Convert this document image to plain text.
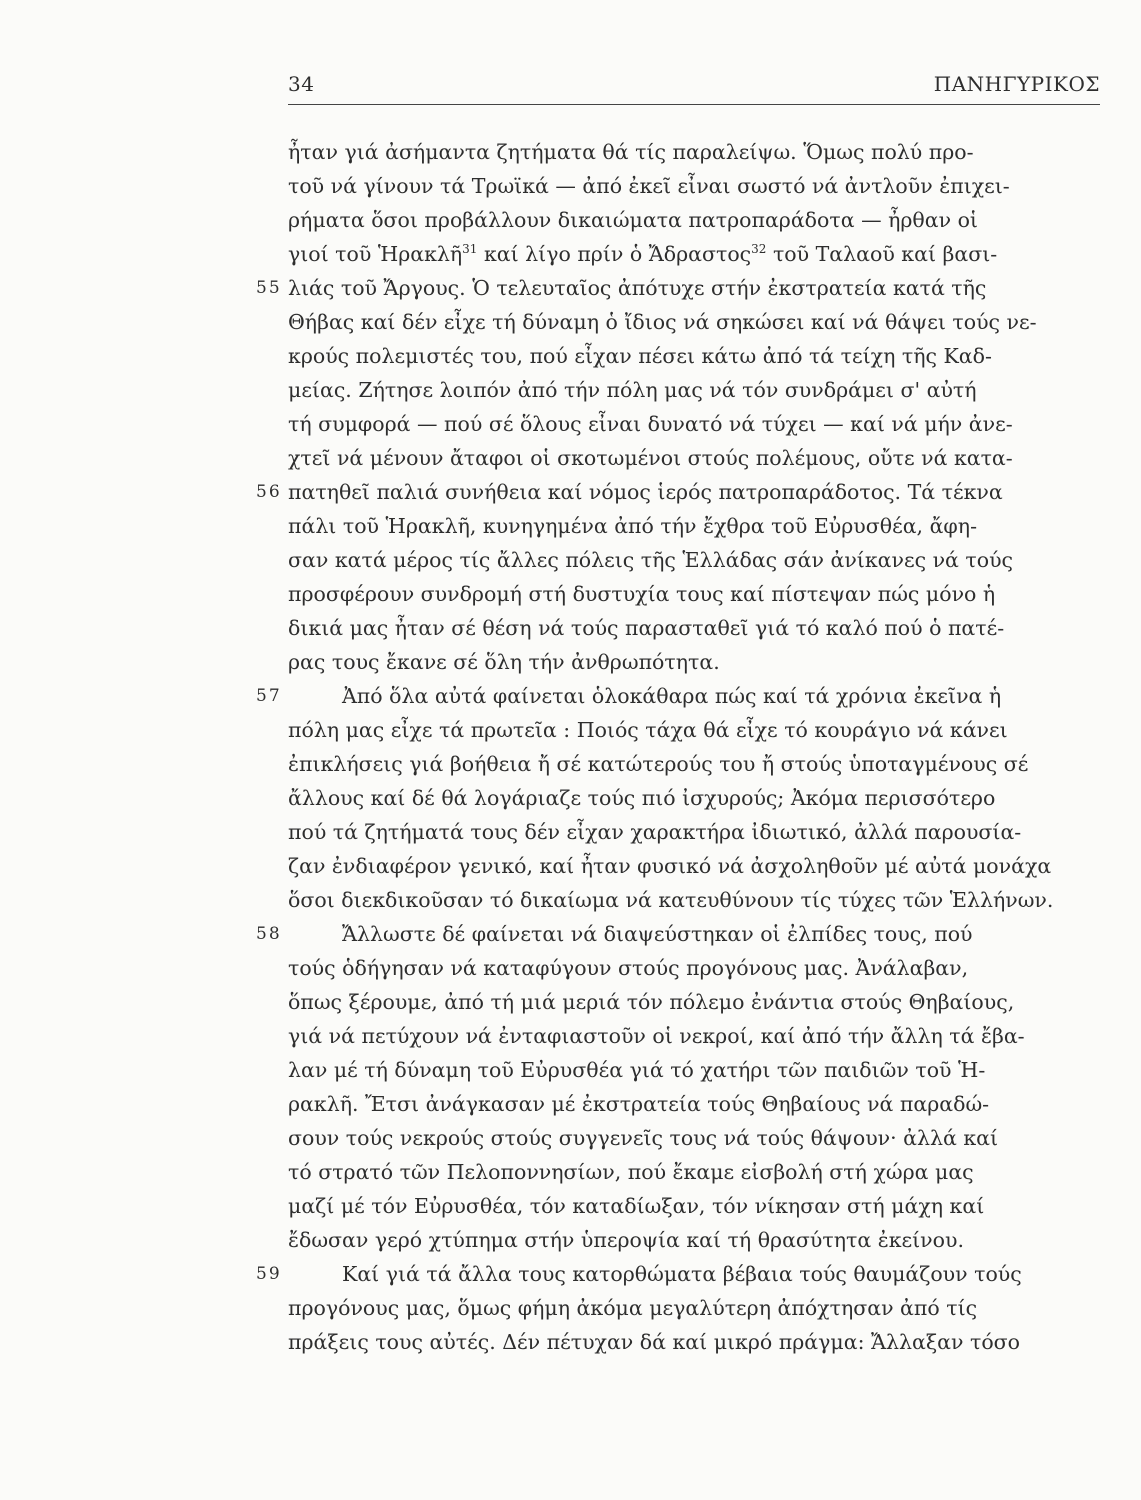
34	ΠΑΝΗΓΥΡΙΚΟΣ
ἦταν γιά ἀσήμαντα ζητήματα θά τίς παραλείψω. Ὅμως πολύ προ-
τοῦ νά γίνουν τά Τρωϊκά — ἀπό ἐκεῖ εἶναι σωστό νά ἀντλοῦν ἐπιχει-
ρήματα ὅσοι προβάλλουν δικαιώματα πατροπαράδοτα — ἦρθαν οἱ
γιοί τοῦ Ἡρακλῆ$^{31}$ καί λίγο πρίν ὁ Ἄδραστος$^{32}$ τοῦ Ταλαοῦ καί βασι-
55 λιάς τοῦ Ἄργους. Ὁ τελευταῖος ἀπότυχε στήν ἐκστρατεία κατά τῆς
Θήβας καί δέν εἶχε τή δύναμη ὁ ἴδιος νά σηκώσει καί νά θάψει τούς νε-
κρούς πολεμιστές του, πού εἶχαν πέσει κάτω ἀπό τά τείχη τῆς Καδ-
μείας. Ζήτησε λοιπόν ἀπό τήν πόλη μας νά τόν συνδράμει σ' αὐτή
τή συμφορά — πού σέ ὅλους εἶναι δυνατό νά τύχει — καί νά μήν ἀνε-
χτεῖ νά μένουν ἄταφοι οἱ σκοτωμένοι στούς πολέμους, οὔτε νά κατα-
56 πατηθεῖ παλιά συνήθεια καί νόμος ἱερός πατροπαράδοτος. Τά τέκνα
πάλι τοῦ Ἡρακλῆ, κυνηγημένα ἀπό τήν ἔχθρα τοῦ Εὐρυσθέα, ἄφη-
σαν κατά μέρος τίς ἄλλες πόλεις τῆς Ἑλλάδας σάν ἀνίκανες νά τούς
προσφέρουν συνδρομή στή δυστυχία τους καί πίστεψαν πώς μόνο ἡ
δικιά μας ἦταν σέ θέση νά τούς παρασταθεῖ γιά τό καλό πού ὁ πατέ-
ρας τους ἔκανε σέ ὅλη τήν ἀνθρωπότητα.
57	Ἀπό ὅλα αὐτά φαίνεται ὁλοκάθαρα πώς καί τά χρόνια ἐκεῖνα ἡ
πόλη μας εἶχε τά πρωτεῖα : Ποιός τάχα θά εἶχε τό κουράγιο νά κάνει
ἐπικλήσεις γιά βοήθεια ἤ σέ κατώτερούς του ἤ στούς ὑποταγμένους σέ
ἄλλους καί δέ θά λογάριαζε τούς πιό ἰσχυρούς; Ἀκόμα περισσότερο
πού τά ζητήματά τους δέν εἶχαν χαρακτήρα ἰδιωτικό, ἀλλά παρουσία-
ζαν ἐνδιαφέρον γενικό, καί ἦταν φυσικό νά ἀσχοληθοῦν μέ αὐτά μονάχα
ὅσοι διεκδικοῦσαν τό δικαίωμα νά κατευθύνουν τίς τύχες τῶν Ἑλλήνων.
58	Ἄλλωστε δέ φαίνεται νά διαψεύστηκαν οἱ ἐλπίδες τους, πού
τούς ὁδήγησαν νά καταφύγουν στούς προγόνους μας. Ἀνάλαβαν,
ὅπως ξέρουμε, ἀπό τή μιά μεριά τόν πόλεμο ἐνάντια στούς Θηβαίους,
γιά νά πετύχουν νά ἐνταφιαστοῦν οἱ νεκροί, καί ἀπό τήν ἄλλη τά ἔβα-
λαν μέ τή δύναμη τοῦ Εὐρυσθέα γιά τό χατήρι τῶν παιδιῶν τοῦ Ἡ-
ρακλῆ. Ἔτσι ἀνάγκασαν μέ ἐκστρατεία τούς Θηβαίους νά παραδώ-
σουν τούς νεκρούς στούς συγγενεῖς τους νά τούς θάψουν· ἀλλά καί
τό στρατό τῶν Πελοποννησίων, πού ἔκαμε εἰσβολή στή χώρα μας
μαζί μέ τόν Εὐρυσθέα, τόν καταδίωξαν, τόν νίκησαν στή μάχη καί
ἔδωσαν γερό χτύπημα στήν ὑπεροψία καί τή θρασύτητα ἐκείνου.
59	Καί γιά τά ἄλλα τους κατορθώματα βέβαια τούς θαυμάζουν τούς
προγόνους μας, ὅμως φήμη ἀκόμα μεγαλύτερη ἀπόχτησαν ἀπό τίς
πράξεις τους αὐτές. Δέν πέτυχαν δά καί μικρό πράγμα: Ἄλλαξαν τόσο
